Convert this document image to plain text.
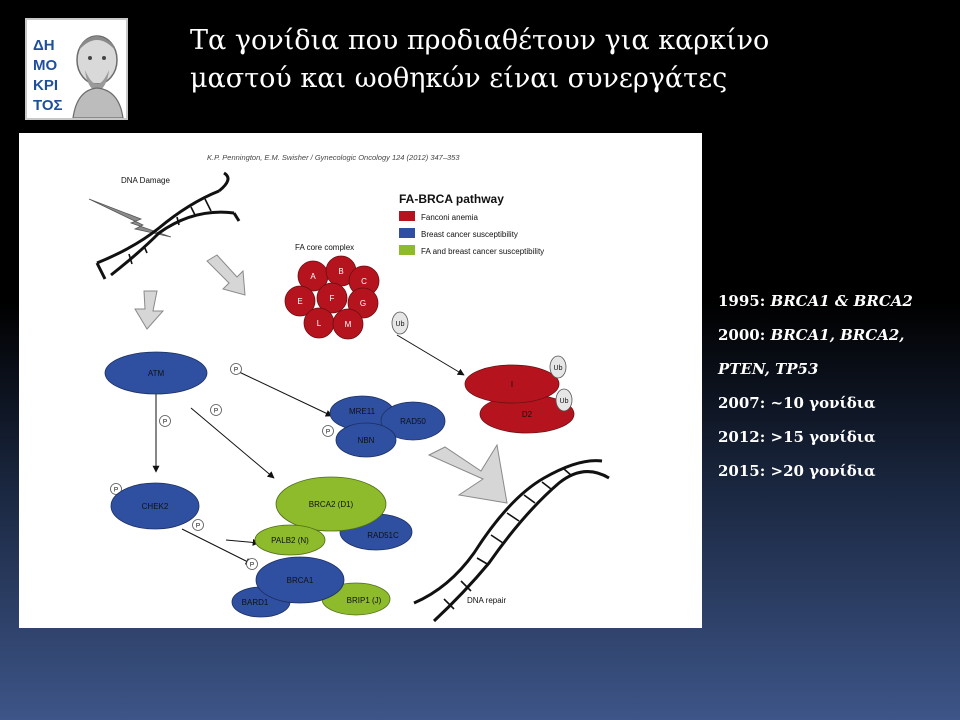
ΔΗ
ΜΟ
ΚΡΙ
ΤΟΣ
Τα γονίδια που προδιαθέτουν για καρκίνο
μαστού και ωοθηκών είναι συνεργάτες
K.P. Pennington, E.M. Swisher / Gynecologic Oncology 124 (2012) 347–353
DNA Damage
FA-BRCA pathway
Fanconi anemia
Breast cancer susceptibility
FA and breast cancer susceptibility
FA core complex
A
B
C
E	F
G
L	M	Ub
P
P
P
P
P
P
P
ATM
MRE11
RAD50
NBN
I
D2
Ub
Ub
CHEK2	BRCA2 (D1)
RAD51C
PALB2 (N)
BRCA1
BARD1	BRIP1 (J)	DNA repair
1995: BRCA1 & BRCA2
2000: BRCA1, BRCA2,
PTEN, TP53
2007: ~10 γονίδια
2012: >15 γονίδια
2015: >20 γονίδια
